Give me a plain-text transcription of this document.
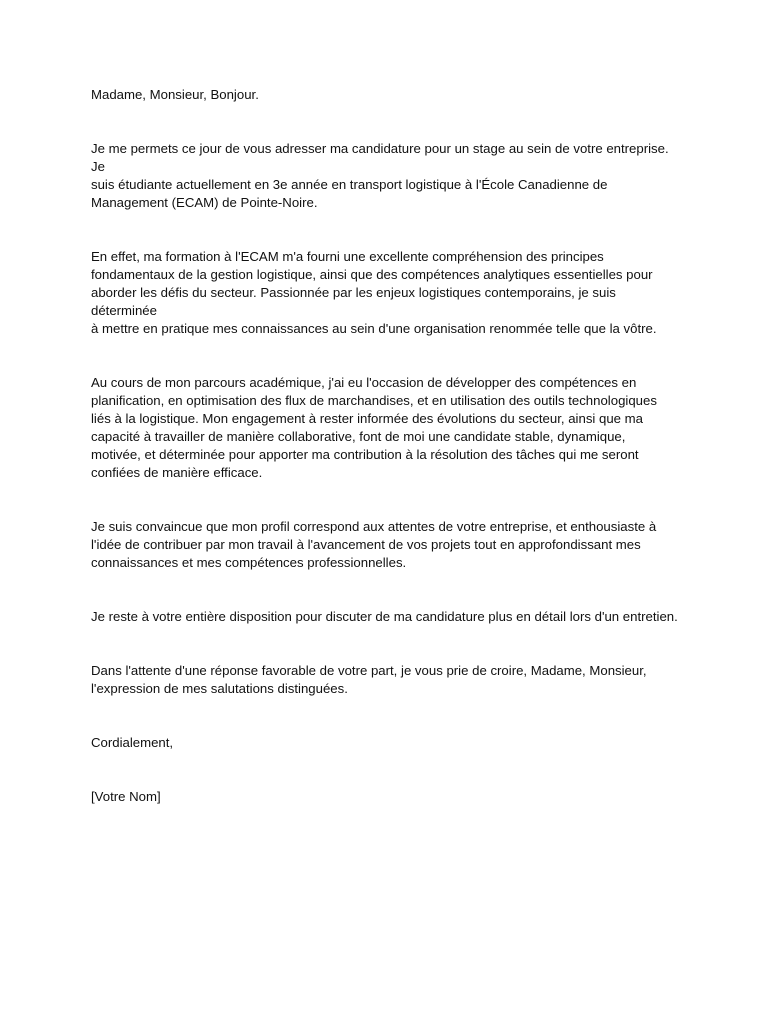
Madame, Monsieur, Bonjour.

Je me permets ce jour de vous adresser ma candidature pour un stage au sein de votre entreprise. Je
suis étudiante actuellement en 3e année en transport logistique à l'École Canadienne de
Management (ECAM) de Pointe-Noire.

En effet, ma formation à l'ECAM m'a fourni une excellente compréhension des principes
fondamentaux de la gestion logistique, ainsi que des compétences analytiques essentielles pour
aborder les défis du secteur. Passionnée par les enjeux logistiques contemporains, je suis déterminée
à mettre en pratique mes connaissances au sein d'une organisation renommée telle que la vôtre.

Au cours de mon parcours académique, j'ai eu l'occasion de développer des compétences en
planification, en optimisation des flux de marchandises, et en utilisation des outils technologiques
liés à la logistique. Mon engagement à rester informée des évolutions du secteur, ainsi que ma
capacité à travailler de manière collaborative, font de moi une candidate stable, dynamique,
motivée, et déterminée pour apporter ma contribution à la résolution des tâches qui me seront
confiées de manière efficace.

Je suis convaincue que mon profil correspond aux attentes de votre entreprise, et enthousiaste à
l'idée de contribuer par mon travail à l'avancement de vos projets tout en approfondissant mes
connaissances et mes compétences professionnelles.

Je reste à votre entière disposition pour discuter de ma candidature plus en détail lors d'un entretien.

Dans l'attente d'une réponse favorable de votre part, je vous prie de croire, Madame, Monsieur,
l'expression de mes salutations distinguées.

Cordialement,

[Votre Nom]
